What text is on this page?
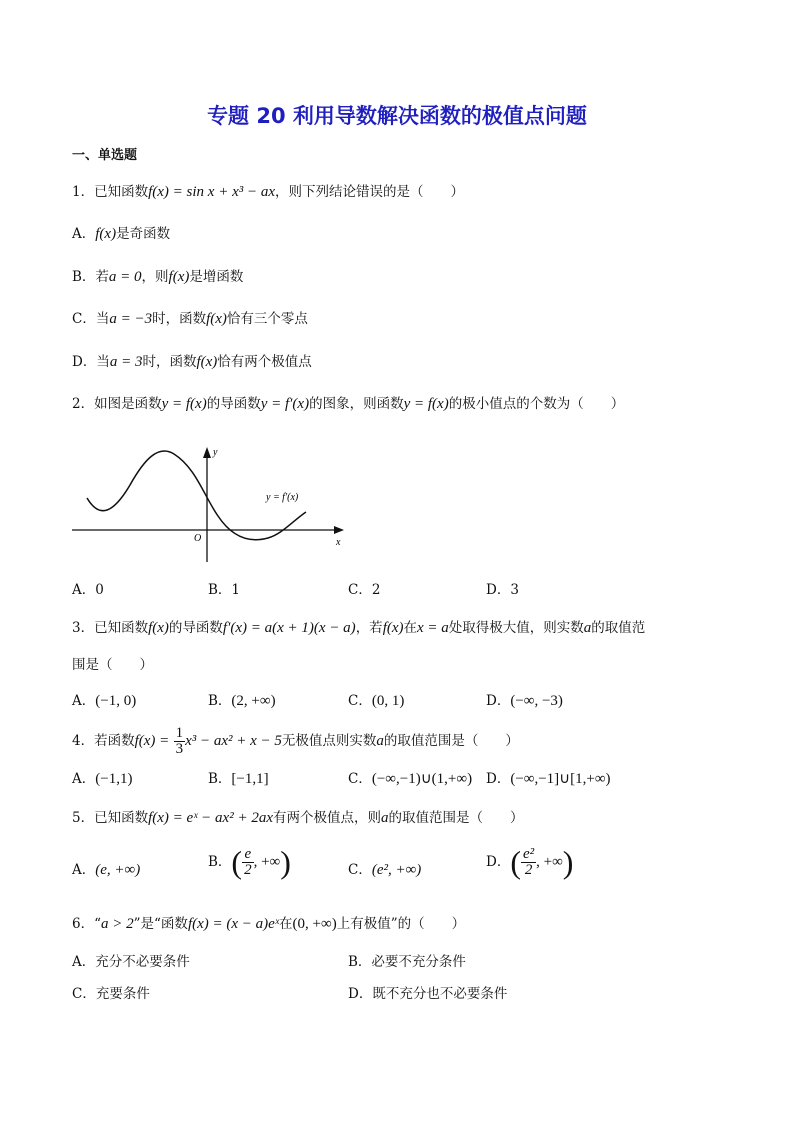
专题 20 利用导数解决函数的极值点问题
一、单选题
1．已知函数f(x) = sin x + x³ − ax，则下列结论错误的是（　　）
A．f(x)是奇函数
B．若a = 0，则f(x)是增函数
C．当a = −3时，函数f(x)恰有三个零点
D．当a = 3时，函数f(x)恰有两个极值点
2．如图是函数y = f(x)的导函数y = f′(x)的图象，则函数y = f(x)的极小值点的个数为（　　）
y = f′(x)
x
y
O
A．0	B．1	C．2	D．3
3．已知函数f(x)的导函数f′(x) = a(x + 1)(x − a)，若f(x)在x = a处取得极大值，则实数a的取值范
围是（　　）
A．(−1, 0)	B．(2, +∞)	C．(0, 1)	D．(−∞, −3)
4．若函数$f(x) = \frac{1}{3} x^3 - ax^2 + x - 5$无极值点则实数a的取值范围是（　　）
A．(−1,1)	B．[−1,1]	C．(−∞,−1)∪(1,+∞) D．(−∞,−1]∪[1,+∞)
5．已知函数f(x) = eˣ − ax² + 2ax有两个极值点，则a的取值范围是（　　）
A．(e, +∞)	B．( $\frac{e}{2}$ , +∞)	C．(e², +∞)	D．( $\frac{\text{e²}}{2}$ , +∞)
6．“a > 2”是“函数f(x) = (x − a)eˣ在(0, +∞)上有极值”的（　　）
A．充分不必要条件	B．必要不充分条件
C．充要条件	D．既不充分也不必要条件
